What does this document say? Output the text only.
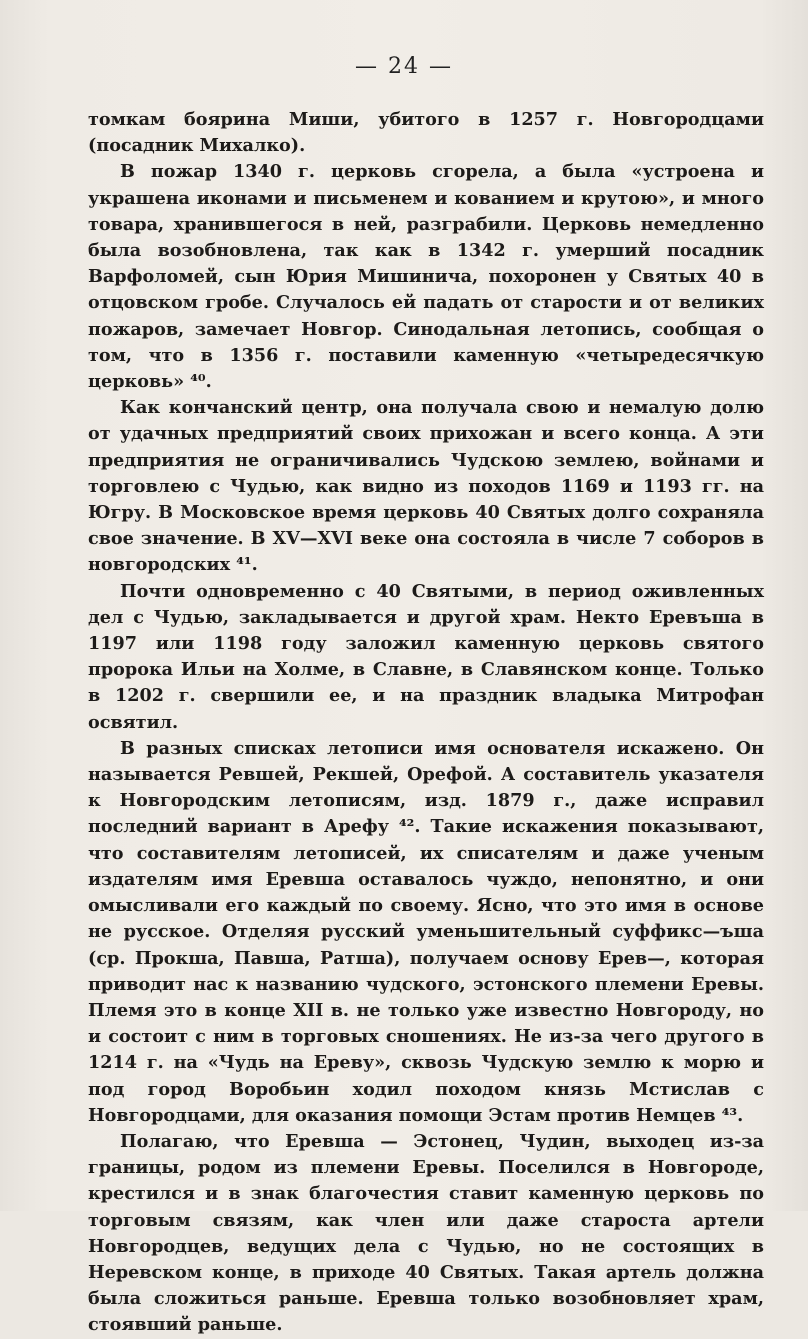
— 24 —

томкам боярина Миши, убитого в 1257 г. Новгородцами (посадник Михалко).

В пожар 1340 г. церковь сгорела, а была «устроена и украшена иконами и письменем и кованием и крутою», и много товара, хранившегося в ней, разграбили. Церковь немедленно была возобновлена, так как в 1342 г. умерший посадник Варфоломей, сын Юрия Мишинича, похоронен у Святых 40 в отцовском гробе. Случалось ей падать от старости и от великих пожаров, замечает Новгор. Синодальная летопись, сообщая о том, что в 1356 г. поставили каменную «четыредесячкую церковь» ⁴⁰.

Как кончанский центр, она получала свою и немалую долю от удачных предприятий своих прихожан и всего конца. А эти предприятия не ограничивались Чудскою землею, войнами и торговлею с Чудью, как видно из походов 1169 и 1193 гг. на Югру. В Московское время церковь 40 Святых долго сохраняла свое значение. В XV—XVI веке она состояла в числе 7 соборов в новгородских ⁴¹.

Почти одновременно с 40 Святыми, в период оживленных дел с Чудью, закладывается и другой храм. Некто Еревъша в 1197 или 1198 году заложил каменную церковь святого пророка Ильи на Холме, в Славне, в Славянском конце. Только в 1202 г. свершили ее, и на праздник владыка Митрофан освятил.

В разных списках летописи имя основателя искажено. Он называется Ревшей, Рекшей, Орефой. А составитель указателя к Новгородским летописям, изд. 1879 г., даже исправил последний вариант в Арефу ⁴². Такие искажения показывают, что составителям летописей, их списателям и даже ученым издателям имя Еревша оставалось чуждо, непонятно, и они омысливали его каждый по своему. Ясно, что это имя в основе не русское. Отделяя русский уменьшительный суффикс—ъша (ср. Прокша, Павша, Ратша), получаем основу Ерев—, которая приводит нас к названию чудского, эстонского племени Еревы. Племя это в конце XII в. не только уже известно Новгороду, но и состоит с ним в торговых сношениях. Не из-за чего другого в 1214 г. на «Чудь на Ереву», сквозь Чудскую землю к морю и под город Воробьин ходил походом князь Мстислав с Новгородцами, для оказания помощи Эстам против Немцев ⁴³.

Полагаю, что Еревша — Эстонец, Чудин, выходец из-за границы, родом из племени Еревы. Поселился в Новгороде, крестился и в знак благочестия ставит каменную церковь по торговым связям, как член или даже староста артели Новгородцев, ведущих дела с Чудью, но не состоящих в Неревском конце, в приходе 40 Святых. Такая артель должна была сложиться раньше. Еревша только возобновляет храм, стоявший раньше.
